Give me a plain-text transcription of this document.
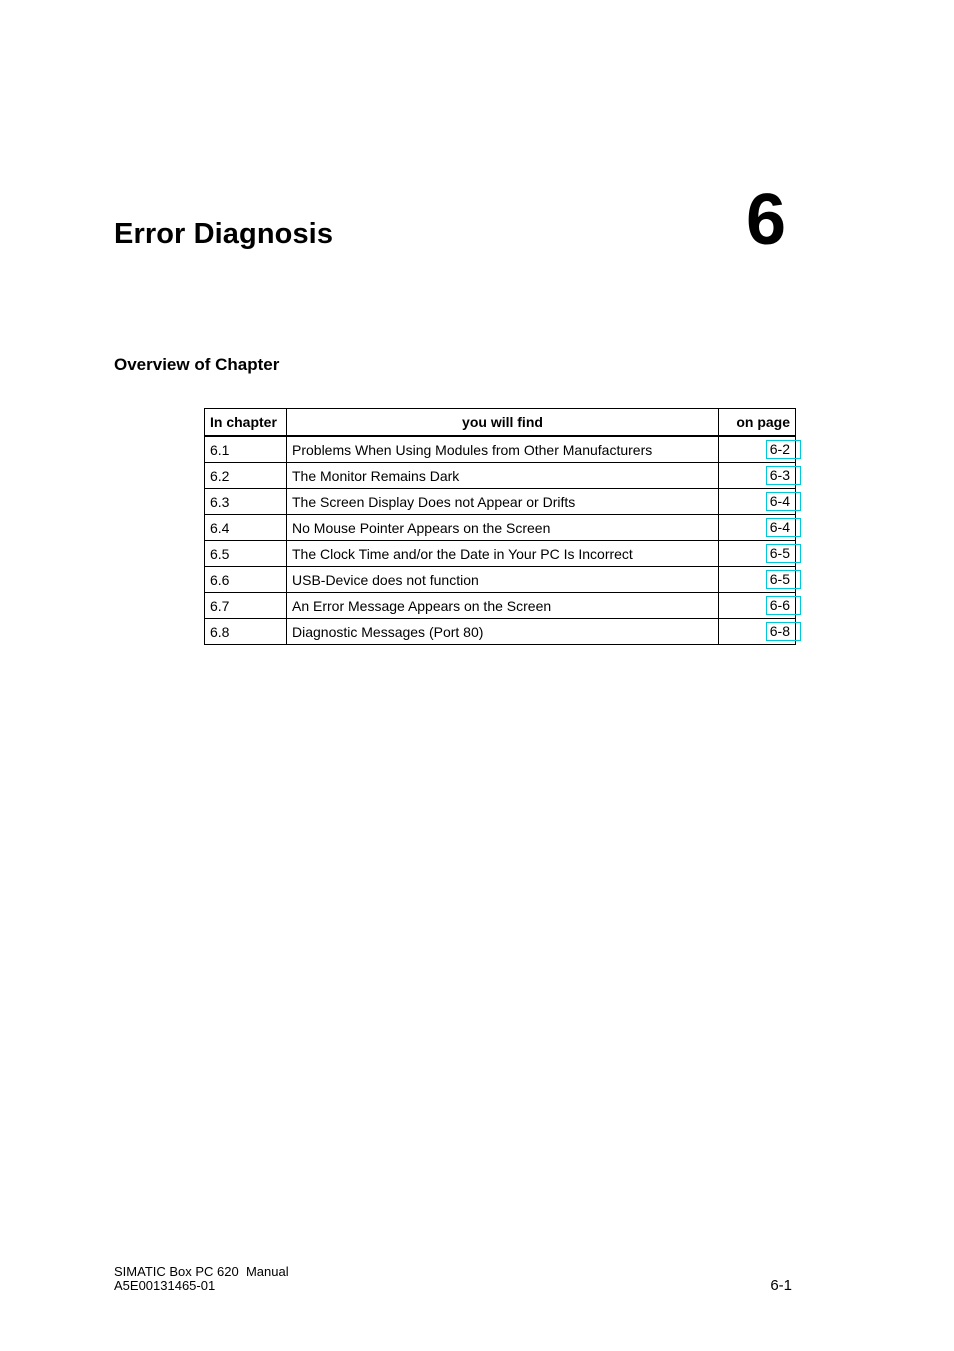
Error Diagnosis	6
Overview of Chapter
In chapter	you will find	on page
6.1	Problems When Using Modules from Other Manufacturers	6-2
6.2	The Monitor Remains Dark	6-3
6.3	The Screen Display Does not Appear or Drifts	6-4
6.4	No Mouse Pointer Appears on the Screen	6-4
6.5	The Clock Time and/or the Date in Your PC Is Incorrect	6-5
6.6	USB-Device does not function	6-5
6.7	An Error Message Appears on the Screen	6-6
6.8	Diagnostic Messages (Port 80)	6-8
SIMATIC Box PC 620  Manual
A5E00131465-01	6-1
